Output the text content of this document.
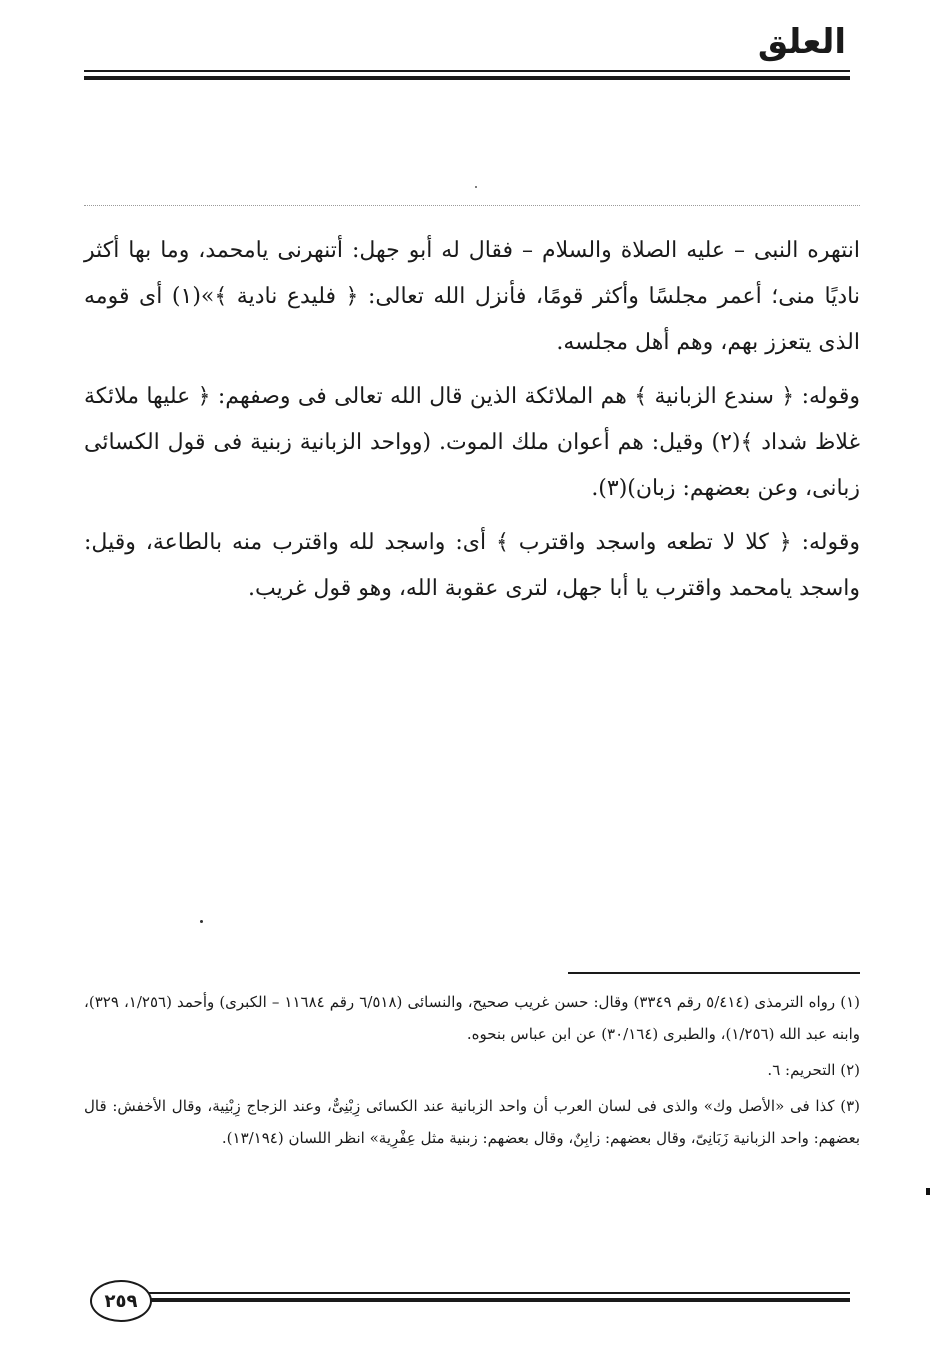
العلق

انتهره النبى – عليه الصلاة والسلام – فقال له أبو جهل: أتنهرنى يامحمد، وما بها أكثر ناديًا منى؛ أعمر مجلسًا وأكثر قومًا، فأنزل الله تعالى: ﴿ فليدع نادية ﴾»(١) أى قومه الذى يتعزز بهم، وهم أهل مجلسه.

وقوله: ﴿ سندع الزبانية ﴾ هم الملائكة الذين قال الله تعالى فى وصفهم: ﴿ عليها ملائكة غلاظ شداد ﴾(٢) وقيل: هم أعوان ملك الموت. (وواحد الزبانية زبنية فى قول الكسائى زبانى، وعن بعضهم: زبان)(٣).

وقوله: ﴿ كلا لا تطعه واسجد واقترب ﴾ أى: واسجد لله واقترب منه بالطاعة، وقيل: واسجد يامحمد واقترب يا أبا جهل، لترى عقوبة الله، وهو قول غريب.

(١) رواه الترمذى (٥/٤١٤ رقم ٣٣٤٩) وقال: حسن غريب صحيح، والنسائى (٦/٥١٨ رقم ١١٦٨٤ – الكبرى) وأحمد (١/٢٥٦، ٣٢٩)، وابنه عبد الله (١/٢٥٦)، والطبرى (٣٠/١٦٤) عن ابن عباس بنحوه.
(٢) التحريم: ٦.
(٣) كذا فى «الأصل وك» والذى فى لسان العرب أن واحد الزبانية عند الكسائى زِبْنِىٌّ، وعند الزجاج زِبْنِية، وقال الأخفش: قال بعضهم: واحد الزبانية زَبَانِىّ، وقال بعضهم: زابِنٌ، وقال بعضهم: زبنية مثل عِفْرِية» انظر اللسان (١٣/١٩٤).
٢٥٩
